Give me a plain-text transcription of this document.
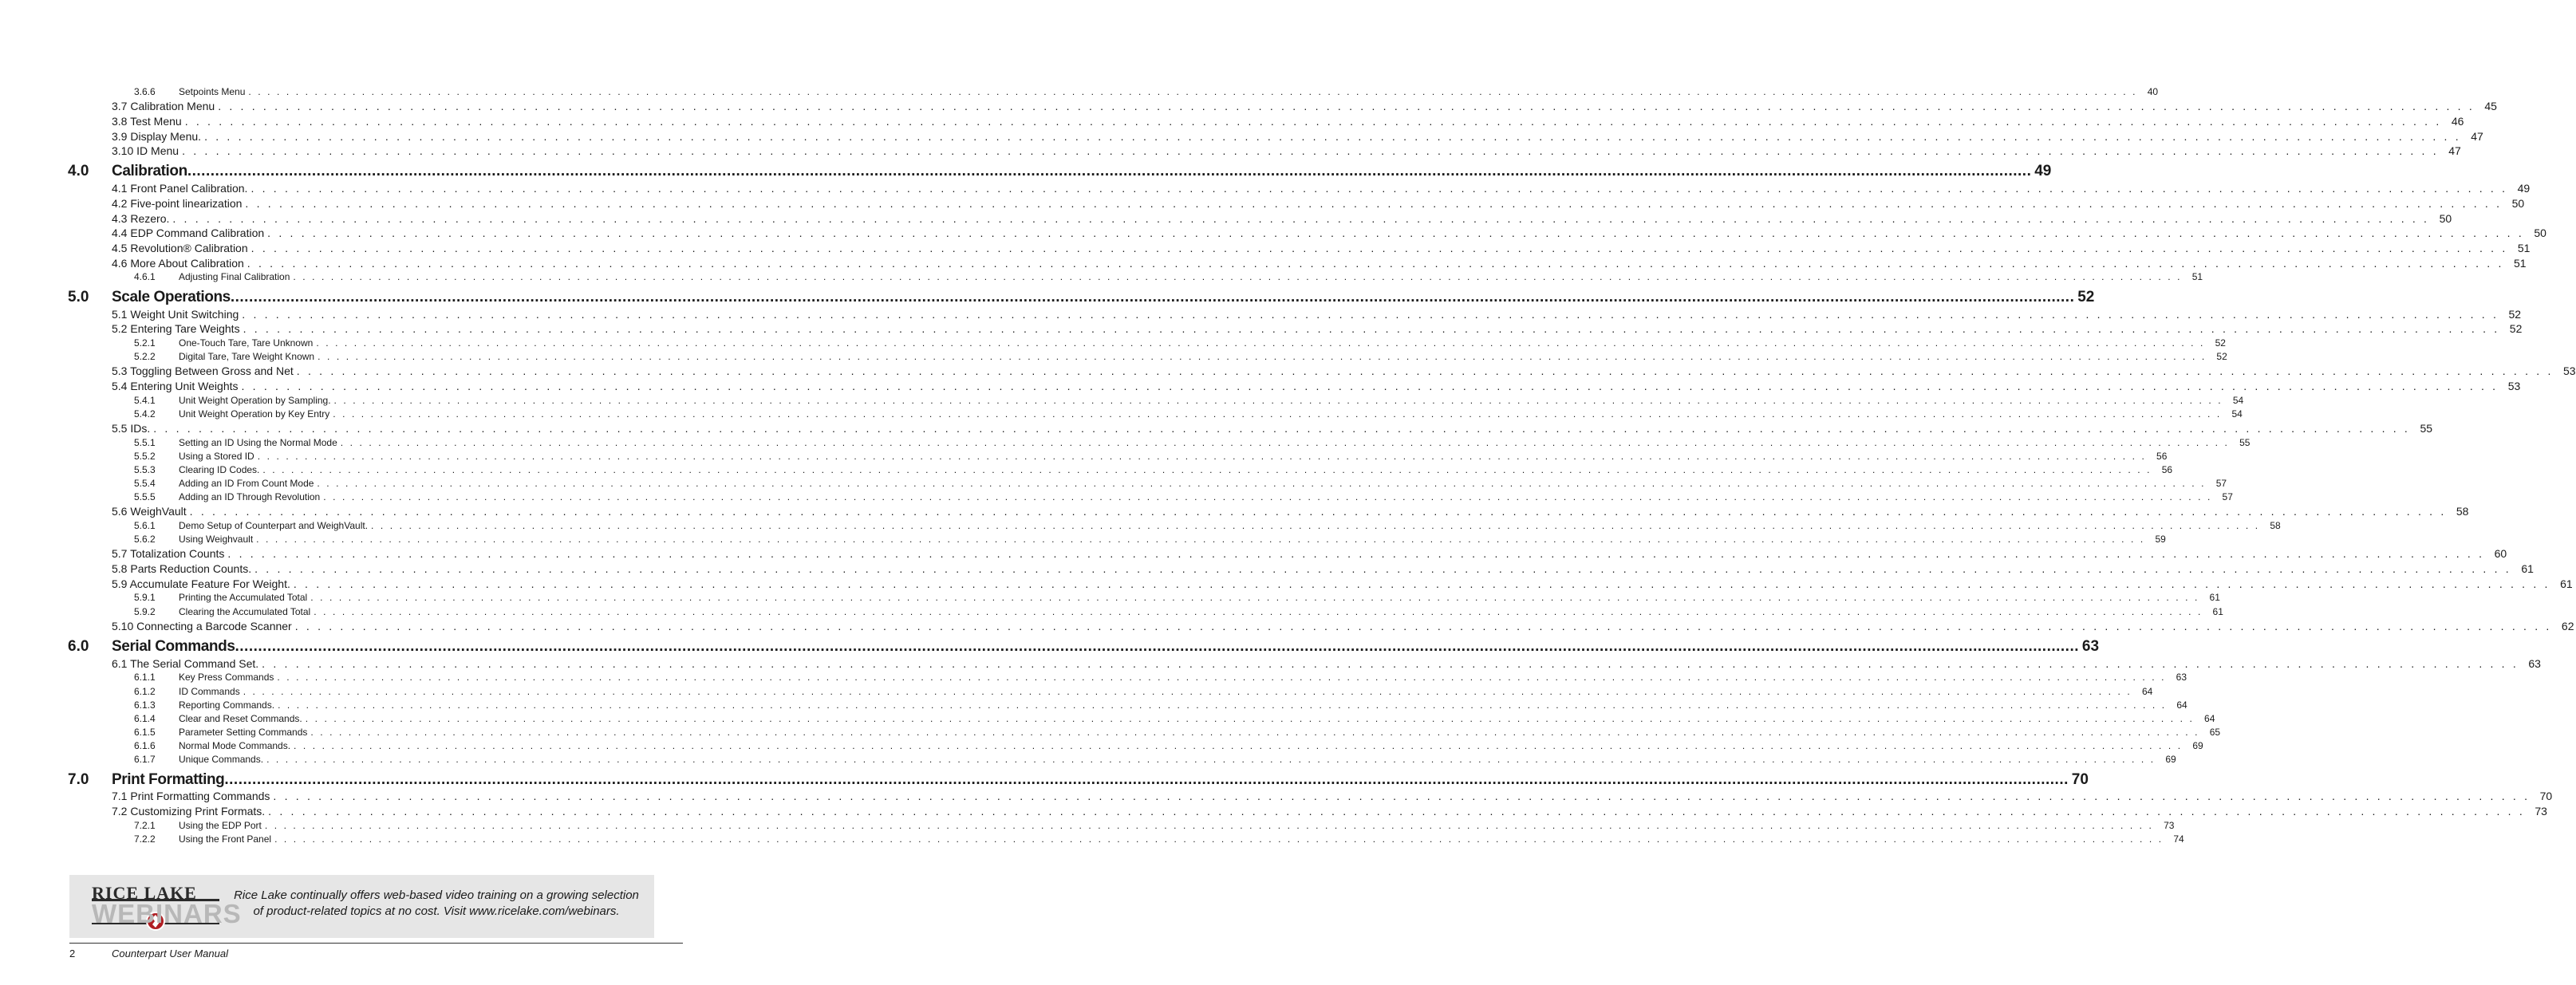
3.6.6	Setpoints Menu . . . . . . . . . . . . . . . . . . . . . . . . . . . . . . . . . . . . . . . . . . . . . . . . . . . . . . . . . . . . . . . . . . . . . . . . . . . . . . . . . . . . . . . . . . . . . . . . . . . . . . . . . . . . . . . . . . . . . . . . . . . . . . . . . . . . . . . . . . . . . . . . . . . . . . . . . . . . . . . . . . . . . . . . . . . . . . . . . . . . . . . . . . . . . . . . . . . . . . . .	40
3.7 Calibration Menu . . . . . . . . . . . . . . . . . . . . . . . . . . . . . . . . . . . . . . . . . . . . . . . . . . . . . . . . . . . . . . . . . . . . . . . . . . . . . . . . . . . . . . . . . . . . . . . . . . . . . . . . . . . . . . . . . . . . . . . . . . . . . . . . . . . . . . . . . . . . . . . . . . . . . . . . . . . . . . . . . . . . . . . . . . . . . . . . . . . . . . . . . . . . . . . . . . . . . . . . 45
3.8 Test Menu . . . . . . . . . . . . . . . . . . . . . . . . . . . . . . . . . . . . . . . . . . . . . . . . . . . . . . . . . . . . . . . . . . . . . . . . . . . . . . . . . . . . . . . . . . . . . . . . . . . . . . . . . . . . . . . . . . . . . . . . . . . . . . . . . . . . . . . . . . . . . . . . . . . . . . . . . . . . . . . . . . . . . . . . . . . . . . . . . . . . . . . . . . . . . . . . . . . . . . . . 46
3.9 Display Menu. . . . . . . . . . . . . . . . . . . . . . . . . . . . . . . . . . . . . . . . . . . . . . . . . . . . . . . . . . . . . . . . . . . . . . . . . . . . . . . . . . . . . . . . . . . . . . . . . . . . . . . . . . . . . . . . . . . . . . . . . . . . . . . . . . . . . . . . . . . . . . . . . . . . . . . . . . . . . . . . . . . . . . . . . . . . . . . . . . . . . . . . . . . . . . . . . . . . . . . . . 47
3.10 ID Menu . . . . . . . . . . . . . . . . . . . . . . . . . . . . . . . . . . . . . . . . . . . . . . . . . . . . . . . . . . . . . . . . . . . . . . . . . . . . . . . . . . . . . . . . . . . . . . . . . . . . . . . . . . . . . . . . . . . . . . . . . . . . . . . . . . . . . . . . . . . . . . . . . . . . . . . . . . . . . . . . . . . . . . . . . . . . . . . . . . . . . . . . . . . . . . . . . . . . . . . . 47
4.0	Calibration ................................................................................................................................................................................................................................................................................................................................................................................................................ 49
4.1 Front Panel Calibration. . . . . . . . . . . . . . . . . . . . . . . . . . . . . . . . . . . . . . . . . . . . . . . . . . . . . . . . . . . . . . . . . . . . . . . . . . . . . . . . . . . . . . . . . . . . . . . . . . . . . . . . . . . . . . . . . . . . . . . . . . . . . . . . . . . . . . . . . . . . . . . . . . . . . . . . . . . . . . . . . . . . . . . . . . . . . . . . . . . . . . . . . . . . . . . . . . . . . . . . . 49
4.2 Five-point linearization . . . . . . . . . . . . . . . . . . . . . . . . . . . . . . . . . . . . . . . . . . . . . . . . . . . . . . . . . . . . . . . . . . . . . . . . . . . . . . . . . . . . . . . . . . . . . . . . . . . . . . . . . . . . . . . . . . . . . . . . . . . . . . . . . . . . . . . . . . . . . . . . . . . . . . . . . . . . . . . . . . . . . . . . . . . . . . . . . . . . . . . . . . . . . . . . . . . . . . . . 50
4.3 Rezero. . . . . . . . . . . . . . . . . . . . . . . . . . . . . . . . . . . . . . . . . . . . . . . . . . . . . . . . . . . . . . . . . . . . . . . . . . . . . . . . . . . . . . . . . . . . . . . . . . . . . . . . . . . . . . . . . . . . . . . . . . . . . . . . . . . . . . . . . . . . . . . . . . . . . . . . . . . . . . . . . . . . . . . . . . . . . . . . . . . . . . . . . . . . . . . . . . . . . . . . . 50
4.4 EDP Command Calibration . . . . . . . . . . . . . . . . . . . . . . . . . . . . . . . . . . . . . . . . . . . . . . . . . . . . . . . . . . . . . . . . . . . . . . . . . . . . . . . . . . . . . . . . . . . . . . . . . . . . . . . . . . . . . . . . . . . . . . . . . . . . . . . . . . . . . . . . . . . . . . . . . . . . . . . . . . . . . . . . . . . . . . . . . . . . . . . . . . . . . . . . . . . . . . . . . . . . . . . . 50
4.5 Revolution® Calibration . . . . . . . . . . . . . . . . . . . . . . . . . . . . . . . . . . . . . . . . . . . . . . . . . . . . . . . . . . . . . . . . . . . . . . . . . . . . . . . . . . . . . . . . . . . . . . . . . . . . . . . . . . . . . . . . . . . . . . . . . . . . . . . . . . . . . . . . . . . . . . . . . . . . . . . . . . . . . . . . . . . . . . . . . . . . . . . . . . . . . . . . . . . . . . . . . . . . . . . . 51
4.6 More About Calibration . . . . . . . . . . . . . . . . . . . . . . . . . . . . . . . . . . . . . . . . . . . . . . . . . . . . . . . . . . . . . . . . . . . . . . . . . . . . . . . . . . . . . . . . . . . . . . . . . . . . . . . . . . . . . . . . . . . . . . . . . . . . . . . . . . . . . . . . . . . . . . . . . . . . . . . . . . . . . . . . . . . . . . . . . . . . . . . . . . . . . . . . . . . . . . . . . . . . . . . . 51
4.6.1	Adjusting Final Calibration . . . . . . . . . . . . . . . . . . . . . . . . . . . . . . . . . . . . . . . . . . . . . . . . . . . . . . . . . . . . . . . . . . . . . . . . . . . . . . . . . . . . . . . . . . . . . . . . . . . . . . . . . . . . . . . . . . . . . . . . . . . . . . . . . . . . . . . . . . . . . . . . . . . . . . . . . . . . . . . . . . . . . . . . . . . . . . . . . . . . . . . . . . . . . . . . . . . . . . . .	51
5.0	Scale Operations ................................................................................................................................................................................................................................................................................................................................................................................................................ 52
5.1 Weight Unit Switching . . . . . . . . . . . . . . . . . . . . . . . . . . . . . . . . . . . . . . . . . . . . . . . . . . . . . . . . . . . . . . . . . . . . . . . . . . . . . . . . . . . . . . . . . . . . . . . . . . . . . . . . . . . . . . . . . . . . . . . . . . . . . . . . . . . . . . . . . . . . . . . . . . . . . . . . . . . . . . . . . . . . . . . . . . . . . . . . . . . . . . . . . . . . . . . . . . . . . . . . 52
5.2 Entering Tare Weights . . . . . . . . . . . . . . . . . . . . . . . . . . . . . . . . . . . . . . . . . . . . . . . . . . . . . . . . . . . . . . . . . . . . . . . . . . . . . . . . . . . . . . . . . . . . . . . . . . . . . . . . . . . . . . . . . . . . . . . . . . . . . . . . . . . . . . . . . . . . . . . . . . . . . . . . . . . . . . . . . . . . . . . . . . . . . . . . . . . . . . . . . . . . . . . . . . . . . . . . 52
5.2.1	One-Touch Tare, Tare Unknown . . . . . . . . . . . . . . . . . . . . . . . . . . . . . . . . . . . . . . . . . . . . . . . . . . . . . . . . . . . . . . . . . . . . . . . . . . . . . . . . . . . . . . . . . . . . . . . . . . . . . . . . . . . . . . . . . . . . . . . . . . . . . . . . . . . . . . . . . . . . . . . . . . . . . . . . . . . . . . . . . . . . . . . . . . . . . . . . . . . . . . . . . . . . . . . . . . . . . . . .	52
5.2.2	Digital Tare, Tare Weight Known . . . . . . . . . . . . . . . . . . . . . . . . . . . . . . . . . . . . . . . . . . . . . . . . . . . . . . . . . . . . . . . . . . . . . . . . . . . . . . . . . . . . . . . . . . . . . . . . . . . . . . . . . . . . . . . . . . . . . . . . . . . . . . . . . . . . . . . . . . . . . . . . . . . . . . . . . . . . . . . . . . . . . . . . . . . . . . . . . . . . . . . . . . . . . . . . . . . . . . . .	52
5.3 Toggling Between Gross and Net . . . . . . . . . . . . . . . . . . . . . . . . . . . . . . . . . . . . . . . . . . . . . . . . . . . . . . . . . . . . . . . . . . . . . . . . . . . . . . . . . . . . . . . . . . . . . . . . . . . . . . . . . . . . . . . . . . . . . . . . . . . . . . . . . . . . . . . . . . . . . . . . . . . . . . . . . . . . . . . . . . . . . . . . . . . . . . . . . . . . . . . . . . . . . . . . . . . . . . . . 53
5.4 Entering Unit Weights . . . . . . . . . . . . . . . . . . . . . . . . . . . . . . . . . . . . . . . . . . . . . . . . . . . . . . . . . . . . . . . . . . . . . . . . . . . . . . . . . . . . . . . . . . . . . . . . . . . . . . . . . . . . . . . . . . . . . . . . . . . . . . . . . . . . . . . . . . . . . . . . . . . . . . . . . . . . . . . . . . . . . . . . . . . . . . . . . . . . . . . . . . . . . . . . . . . . . . . . 53
5.4.1	Unit Weight Operation by Sampling. . . . . . . . . . . . . . . . . . . . . . . . . . . . . . . . . . . . . . . . . . . . . . . . . . . . . . . . . . . . . . . . . . . . . . . . . . . . . . . . . . . . . . . . . . . . . . . . . . . . . . . . . . . . . . . . . . . . . . . . . . . . . . . . . . . . . . . . . . . . . . . . . . . . . . . . . . . . . . . . . . . . . . . . . . . . . . . . . . . . . . . . . . . . . . . . . . . . . . . . .	54
5.4.2	Unit Weight Operation by Key Entry . . . . . . . . . . . . . . . . . . . . . . . . . . . . . . . . . . . . . . . . . . . . . . . . . . . . . . . . . . . . . . . . . . . . . . . . . . . . . . . . . . . . . . . . . . . . . . . . . . . . . . . . . . . . . . . . . . . . . . . . . . . . . . . . . . . . . . . . . . . . . . . . . . . . . . . . . . . . . . . . . . . . . . . . . . . . . . . . . . . . . . . . . . . . . . . . . . . . . . . .	54
5.5 IDs. . . . . . . . . . . . . . . . . . . . . . . . . . . . . . . . . . . . . . . . . . . . . . . . . . . . . . . . . . . . . . . . . . . . . . . . . . . . . . . . . . . . . . . . . . . . . . . . . . . . . . . . . . . . . . . . . . . . . . . . . . . . . . . . . . . . . . . . . . . . . . . . . . . . . . . . . . . . . . . . . . . . . . . . . . . . . . . . . . . . . . . . . . . . . . . . . . . . . . . . . 55
5.5.1	Setting an ID Using the Normal Mode . . . . . . . . . . . . . . . . . . . . . . . . . . . . . . . . . . . . . . . . . . . . . . . . . . . . . . . . . . . . . . . . . . . . . . . . . . . . . . . . . . . . . . . . . . . . . . . . . . . . . . . . . . . . . . . . . . . . . . . . . . . . . . . . . . . . . . . . . . . . . . . . . . . . . . . . . . . . . . . . . . . . . . . . . . . . . . . . . . . . . . . . . . . . . . . . . . . . . . . .	55
5.5.2	Using a Stored ID . . . . . . . . . . . . . . . . . . . . . . . . . . . . . . . . . . . . . . . . . . . . . . . . . . . . . . . . . . . . . . . . . . . . . . . . . . . . . . . . . . . . . . . . . . . . . . . . . . . . . . . . . . . . . . . . . . . . . . . . . . . . . . . . . . . . . . . . . . . . . . . . . . . . . . . . . . . . . . . . . . . . . . . . . . . . . . . . . . . . . . . . . . . . . . . . . . . . . . . .	56
5.5.3	Clearing ID Codes. . . . . . . . . . . . . . . . . . . . . . . . . . . . . . . . . . . . . . . . . . . . . . . . . . . . . . . . . . . . . . . . . . . . . . . . . . . . . . . . . . . . . . . . . . . . . . . . . . . . . . . . . . . . . . . . . . . . . . . . . . . . . . . . . . . . . . . . . . . . . . . . . . . . . . . . . . . . . . . . . . . . . . . . . . . . . . . . . . . . . . . . . . . . . . . . . . . . . . . . .	56
5.5.4	Adding an ID From Count Mode . . . . . . . . . . . . . . . . . . . . . . . . . . . . . . . . . . . . . . . . . . . . . . . . . . . . . . . . . . . . . . . . . . . . . . . . . . . . . . . . . . . . . . . . . . . . . . . . . . . . . . . . . . . . . . . . . . . . . . . . . . . . . . . . . . . . . . . . . . . . . . . . . . . . . . . . . . . . . . . . . . . . . . . . . . . . . . . . . . . . . . . . . . . . . . . . . . . . . . . .	57
5.5.5	Adding an ID Through Revolution . . . . . . . . . . . . . . . . . . . . . . . . . . . . . . . . . . . . . . . . . . . . . . . . . . . . . . . . . . . . . . . . . . . . . . . . . . . . . . . . . . . . . . . . . . . . . . . . . . . . . . . . . . . . . . . . . . . . . . . . . . . . . . . . . . . . . . . . . . . . . . . . . . . . . . . . . . . . . . . . . . . . . . . . . . . . . . . . . . . . . . . . . . . . . . . . . . . . . . . .	57
5.6 WeighVault . . . . . . . . . . . . . . . . . . . . . . . . . . . . . . . . . . . . . . . . . . . . . . . . . . . . . . . . . . . . . . . . . . . . . . . . . . . . . . . . . . . . . . . . . . . . . . . . . . . . . . . . . . . . . . . . . . . . . . . . . . . . . . . . . . . . . . . . . . . . . . . . . . . . . . . . . . . . . . . . . . . . . . . . . . . . . . . . . . . . . . . . . . . . . . . . . . . . . . . . 58
5.6.1	Demo Setup of Counterpart and WeighVault. . . . . . . . . . . . . . . . . . . . . . . . . . . . . . . . . . . . . . . . . . . . . . . . . . . . . . . . . . . . . . . . . . . . . . . . . . . . . . . . . . . . . . . . . . . . . . . . . . . . . . . . . . . . . . . . . . . . . . . . . . . . . . . . . . . . . . . . . . . . . . . . . . . . . . . . . . . . . . . . . . . . . . . . . . . . . . . . . . . . . . . . . . . . . . . . . . . . . . . . .	58
5.6.2	Using Weighvault . . . . . . . . . . . . . . . . . . . . . . . . . . . . . . . . . . . . . . . . . . . . . . . . . . . . . . . . . . . . . . . . . . . . . . . . . . . . . . . . . . . . . . . . . . . . . . . . . . . . . . . . . . . . . . . . . . . . . . . . . . . . . . . . . . . . . . . . . . . . . . . . . . . . . . . . . . . . . . . . . . . . . . . . . . . . . . . . . . . . . . . . . . . . . . . . . . . . . . . .	59
5.7 Totalization Counts . . . . . . . . . . . . . . . . . . . . . . . . . . . . . . . . . . . . . . . . . . . . . . . . . . . . . . . . . . . . . . . . . . . . . . . . . . . . . . . . . . . . . . . . . . . . . . . . . . . . . . . . . . . . . . . . . . . . . . . . . . . . . . . . . . . . . . . . . . . . . . . . . . . . . . . . . . . . . . . . . . . . . . . . . . . . . . . . . . . . . . . . . . . . . . . . . . . . . . . . 60
5.8 Parts Reduction Counts. . . . . . . . . . . . . . . . . . . . . . . . . . . . . . . . . . . . . . . . . . . . . . . . . . . . . . . . . . . . . . . . . . . . . . . . . . . . . . . . . . . . . . . . . . . . . . . . . . . . . . . . . . . . . . . . . . . . . . . . . . . . . . . . . . . . . . . . . . . . . . . . . . . . . . . . . . . . . . . . . . . . . . . . . . . . . . . . . . . . . . . . . . . . . . . . . . . . . . . . . 61
5.9 Accumulate Feature For Weight. . . . . . . . . . . . . . . . . . . . . . . . . . . . . . . . . . . . . . . . . . . . . . . . . . . . . . . . . . . . . . . . . . . . . . . . . . . . . . . . . . . . . . . . . . . . . . . . . . . . . . . . . . . . . . . . . . . . . . . . . . . . . . . . . . . . . . . . . . . . . . . . . . . . . . . . . . . . . . . . . . . . . . . . . . . . . . . . . . . . . . . . . . . . . . . . . . . . . . . . . 61
5.9.1	Printing the Accumulated Total . . . . . . . . . . . . . . . . . . . . . . . . . . . . . . . . . . . . . . . . . . . . . . . . . . . . . . . . . . . . . . . . . . . . . . . . . . . . . . . . . . . . . . . . . . . . . . . . . . . . . . . . . . . . . . . . . . . . . . . . . . . . . . . . . . . . . . . . . . . . . . . . . . . . . . . . . . . . . . . . . . . . . . . . . . . . . . . . . . . . . . . . . . . . . . . . . . . . . . . .	61
5.9.2	Clearing the Accumulated Total . . . . . . . . . . . . . . . . . . . . . . . . . . . . . . . . . . . . . . . . . . . . . . . . . . . . . . . . . . . . . . . . . . . . . . . . . . . . . . . . . . . . . . . . . . . . . . . . . . . . . . . . . . . . . . . . . . . . . . . . . . . . . . . . . . . . . . . . . . . . . . . . . . . . . . . . . . . . . . . . . . . . . . . . . . . . . . . . . . . . . . . . . . . . . . . . . . . . . . . .	61
5.10 Connecting a Barcode Scanner . . . . . . . . . . . . . . . . . . . . . . . . . . . . . . . . . . . . . . . . . . . . . . . . . . . . . . . . . . . . . . . . . . . . . . . . . . . . . . . . . . . . . . . . . . . . . . . . . . . . . . . . . . . . . . . . . . . . . . . . . . . . . . . . . . . . . . . . . . . . . . . . . . . . . . . . . . . . . . . . . . . . . . . . . . . . . . . . . . . . . . . . . . . . . . . . . . . . . . . . 62
6.0	Serial Commands ................................................................................................................................................................................................................................................................................................................................................................................................................ 63
6.1 The Serial Command Set. . . . . . . . . . . . . . . . . . . . . . . . . . . . . . . . . . . . . . . . . . . . . . . . . . . . . . . . . . . . . . . . . . . . . . . . . . . . . . . . . . . . . . . . . . . . . . . . . . . . . . . . . . . . . . . . . . . . . . . . . . . . . . . . . . . . . . . . . . . . . . . . . . . . . . . . . . . . . . . . . . . . . . . . . . . . . . . . . . . . . . . . . . . . . . . . . . . . . . . . . 63
6.1.1	Key Press Commands . . . . . . . . . . . . . . . . . . . . . . . . . . . . . . . . . . . . . . . . . . . . . . . . . . . . . . . . . . . . . . . . . . . . . . . . . . . . . . . . . . . . . . . . . . . . . . . . . . . . . . . . . . . . . . . . . . . . . . . . . . . . . . . . . . . . . . . . . . . . . . . . . . . . . . . . . . . . . . . . . . . . . . . . . . . . . . . . . . . . . . . . . . . . . . . . . . . . . . . .	63
6.1.2	ID Commands . . . . . . . . . . . . . . . . . . . . . . . . . . . . . . . . . . . . . . . . . . . . . . . . . . . . . . . . . . . . . . . . . . . . . . . . . . . . . . . . . . . . . . . . . . . . . . . . . . . . . . . . . . . . . . . . . . . . . . . . . . . . . . . . . . . . . . . . . . . . . . . . . . . . . . . . . . . . . . . . . . . . . . . . . . . . . . . . . . . . . . . . . . . . . . . . . . . . . . . .	64
6.1.3	Reporting Commands. . . . . . . . . . . . . . . . . . . . . . . . . . . . . . . . . . . . . . . . . . . . . . . . . . . . . . . . . . . . . . . . . . . . . . . . . . . . . . . . . . . . . . . . . . . . . . . . . . . . . . . . . . . . . . . . . . . . . . . . . . . . . . . . . . . . . . . . . . . . . . . . . . . . . . . . . . . . . . . . . . . . . . . . . . . . . . . . . . . . . . . . . . . . . . . . . . . . . . . . .	64
6.1.4	Clear and Reset Commands. . . . . . . . . . . . . . . . . . . . . . . . . . . . . . . . . . . . . . . . . . . . . . . . . . . . . . . . . . . . . . . . . . . . . . . . . . . . . . . . . . . . . . . . . . . . . . . . . . . . . . . . . . . . . . . . . . . . . . . . . . . . . . . . . . . . . . . . . . . . . . . . . . . . . . . . . . . . . . . . . . . . . . . . . . . . . . . . . . . . . . . . . . . . . . . . . . . . . . . . .	64
6.1.5	Parameter Setting Commands . . . . . . . . . . . . . . . . . . . . . . . . . . . . . . . . . . . . . . . . . . . . . . . . . . . . . . . . . . . . . . . . . . . . . . . . . . . . . . . . . . . . . . . . . . . . . . . . . . . . . . . . . . . . . . . . . . . . . . . . . . . . . . . . . . . . . . . . . . . . . . . . . . . . . . . . . . . . . . . . . . . . . . . . . . . . . . . . . . . . . . . . . . . . . . . . . . . . . . . .	65
6.1.6	Normal Mode Commands. . . . . . . . . . . . . . . . . . . . . . . . . . . . . . . . . . . . . . . . . . . . . . . . . . . . . . . . . . . . . . . . . . . . . . . . . . . . . . . . . . . . . . . . . . . . . . . . . . . . . . . . . . . . . . . . . . . . . . . . . . . . . . . . . . . . . . . . . . . . . . . . . . . . . . . . . . . . . . . . . . . . . . . . . . . . . . . . . . . . . . . . . . . . . . . . . . . . . . . . .	69
6.1.7	Unique Commands. . . . . . . . . . . . . . . . . . . . . . . . . . . . . . . . . . . . . . . . . . . . . . . . . . . . . . . . . . . . . . . . . . . . . . . . . . . . . . . . . . . . . . . . . . . . . . . . . . . . . . . . . . . . . . . . . . . . . . . . . . . . . . . . . . . . . . . . . . . . . . . . . . . . . . . . . . . . . . . . . . . . . . . . . . . . . . . . . . . . . . . . . . . . . . . . . . . . . . . . .	69
7.0	Print Formatting ................................................................................................................................................................................................................................................................................................................................................................................................................ 70
7.1 Print Formatting Commands . . . . . . . . . . . . . . . . . . . . . . . . . . . . . . . . . . . . . . . . . . . . . . . . . . . . . . . . . . . . . . . . . . . . . . . . . . . . . . . . . . . . . . . . . . . . . . . . . . . . . . . . . . . . . . . . . . . . . . . . . . . . . . . . . . . . . . . . . . . . . . . . . . . . . . . . . . . . . . . . . . . . . . . . . . . . . . . . . . . . . . . . . . . . . . . . . . . . . . . . 70
7.2 Customizing Print Formats. . . . . . . . . . . . . . . . . . . . . . . . . . . . . . . . . . . . . . . . . . . . . . . . . . . . . . . . . . . . . . . . . . . . . . . . . . . . . . . . . . . . . . . . . . . . . . . . . . . . . . . . . . . . . . . . . . . . . . . . . . . . . . . . . . . . . . . . . . . . . . . . . . . . . . . . . . . . . . . . . . . . . . . . . . . . . . . . . . . . . . . . . . . . . . . . . . . . . . . . . 73
7.2.1	Using the EDP Port . . . . . . . . . . . . . . . . . . . . . . . . . . . . . . . . . . . . . . . . . . . . . . . . . . . . . . . . . . . . . . . . . . . . . . . . . . . . . . . . . . . . . . . . . . . . . . . . . . . . . . . . . . . . . . . . . . . . . . . . . . . . . . . . . . . . . . . . . . . . . . . . . . . . . . . . . . . . . . . . . . . . . . . . . . . . . . . . . . . . . . . . . . . . . . . . . . . . . . . .	73
7.2.2	Using the Front Panel . . . . . . . . . . . . . . . . . . . . . . . . . . . . . . . . . . . . . . . . . . . . . . . . . . . . . . . . . . . . . . . . . . . . . . . . . . . . . . . . . . . . . . . . . . . . . . . . . . . . . . . . . . . . . . . . . . . . . . . . . . . . . . . . . . . . . . . . . . . . . . . . . . . . . . . . . . . . . . . . . . . . . . . . . . . . . . . . . . . . . . . . . . . . . . . . . . . . . . . .	74
RICE LAKE
WEBINARS
Rice Lake continually offers web-based video training on a growing selection
of product-related topics at no cost. Visit www.ricelake.com/webinars.
2	Counterpart User Manual
